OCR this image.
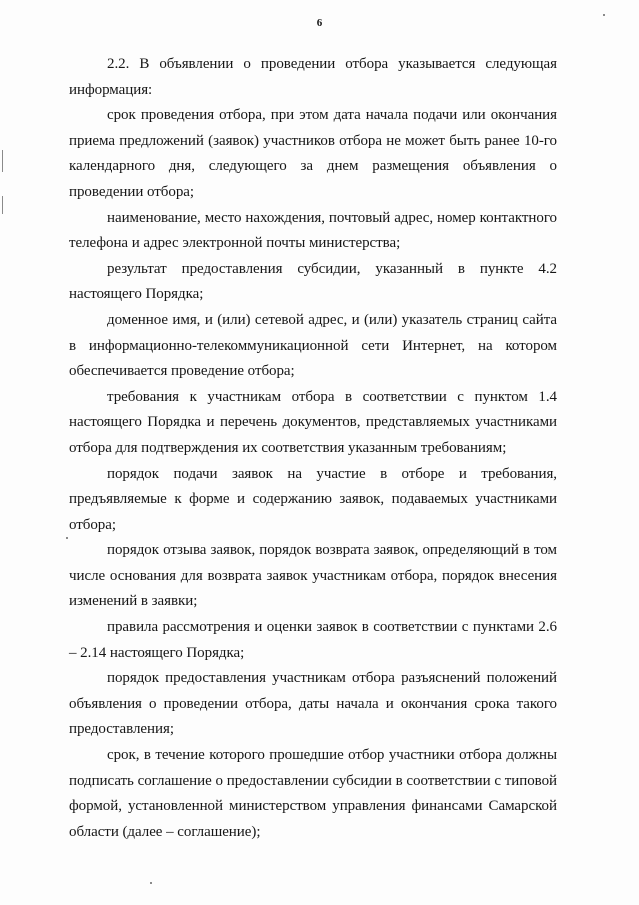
6

2.2. В объявлении о проведении отбора указывается следующая информация:

срок проведения отбора, при этом дата начала подачи или окончания приема предложений (заявок) участников отбора не может быть ранее 10-го календарного дня, следующего за днем размещения объявления о проведении отбора;

наименование, место нахождения, почтовый адрес, номер контактного телефона и адрес электронной почты министерства;

результат предоставления субсидии, указанный в пункте 4.2 настоящего Порядка;

доменное имя, и (или) сетевой адрес, и (или) указатель страниц сайта в информационно-телекоммуникационной сети Интернет, на котором обеспечивается проведение отбора;

требования к участникам отбора в соответствии с пунктом 1.4 настоящего Порядка и перечень документов, представляемых участниками отбора для подтверждения их соответствия указанным требованиям;

порядок подачи заявок на участие в отборе и требования, предъявляемые к форме и содержанию заявок, подаваемых участниками отбора;

порядок отзыва заявок, порядок возврата заявок, определяющий в том числе основания для возврата заявок участникам отбора, порядок внесения изменений в заявки;

правила рассмотрения и оценки заявок в соответствии с пунктами 2.6 – 2.14 настоящего Порядка;

порядок предоставления участникам отбора разъяснений положений объявления о проведении отбора, даты начала и окончания срока такого предоставления;

срок, в течение которого прошедшие отбор участники отбора должны подписать соглашение о предоставлении субсидии в соответствии с типовой формой, установленной министерством управления финансами Самарской области (далее – соглашение);
